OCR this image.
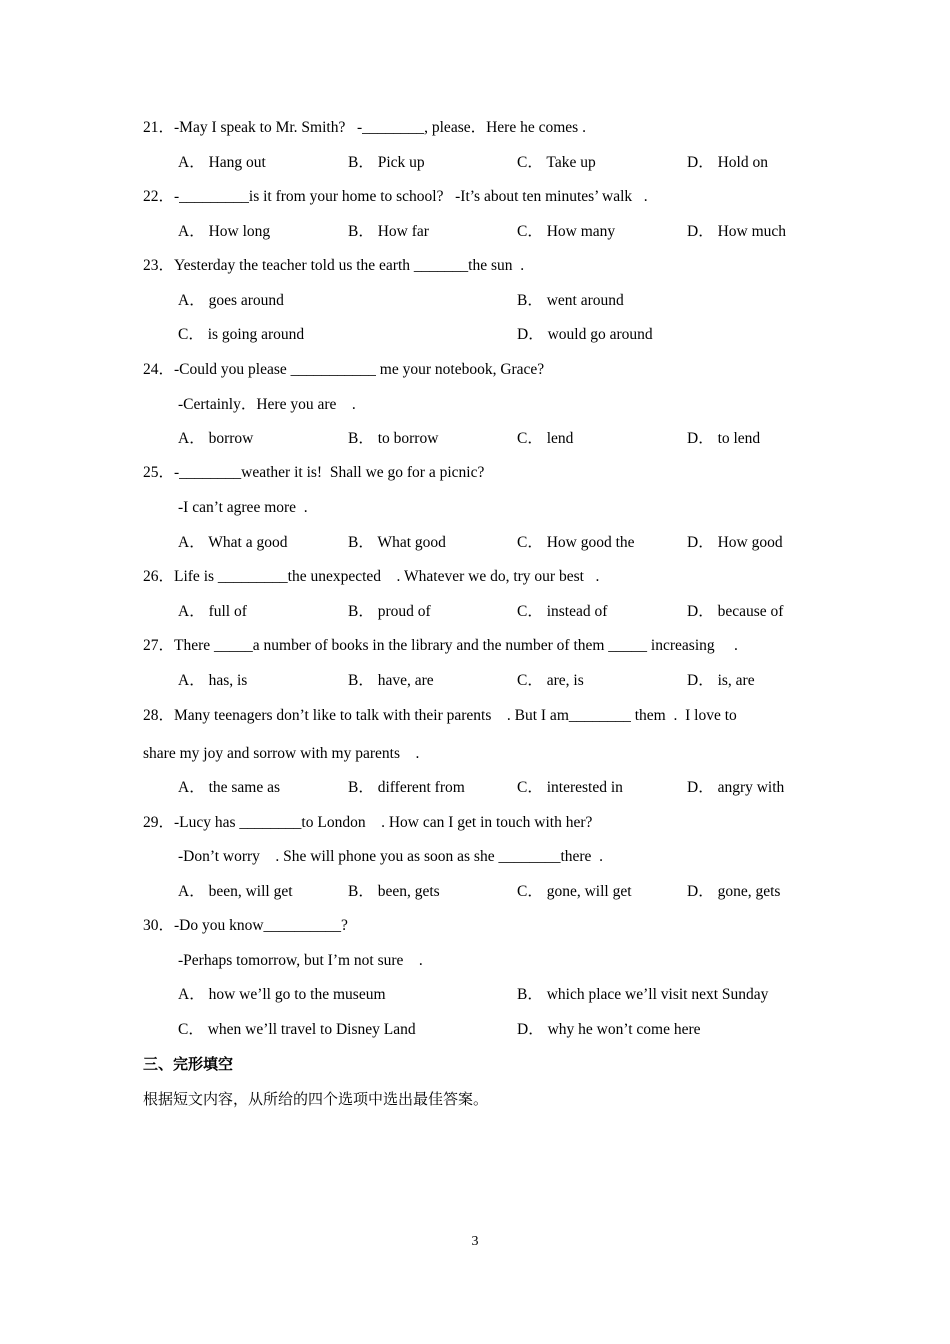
21．-May I speak to Mr. Smith?   -________, please．Here he comes .
A． Hang out	B． Pick up	C． Take up	D． Hold on
22．-_________is it from your home to school?   -It’s about ten minutes’ walk   .
A． How long	B． How far	C． How many	D． How much
23．Yesterday the teacher told us the earth _______the sun  .
A． goes around	B． went around
C． is going around	D． would go around
24．-Could you please ___________ me your notebook, Grace?
-Certainly．Here you are    .
A． borrow	B． to borrow	C． lend	D． to lend
25．-________weather it is!  Shall we go for a picnic?
-I can’t agree more  .
A． What a good	B． What good	C． How good the	D． How good
26．Life is _________the unexpected    . Whatever we do, try our best   .
A． full of	B． proud of	C． instead of	D． because of
27．There _____a number of books in the library and the number of them _____ increasing     .
A． has, is	B． have, are	C． are, is	D． is, are
28．Many teenagers don’t like to talk with their parents    . But I am________ them  .  I love to
share my joy and sorrow with my parents    .
A． the same as	B． different from	C． interested in	D． angry with
29．-Lucy has ________to London    . How can I get in touch with her?
-Don’t worry    . She will phone you as soon as she ________there  .
A． been, will get	B． been, gets	C． gone, will get	D． gone, gets
30．-Do you know__________?
-Perhaps tomorrow, but I’m not sure    .
A． how we’ll go to the museum	B． which place we’ll visit next Sunday
C． when we’ll travel to Disney Land	D． why he won’t come here
三、完形填空
根据短文内容，从所给的四个选项中选出最佳答案。
3
